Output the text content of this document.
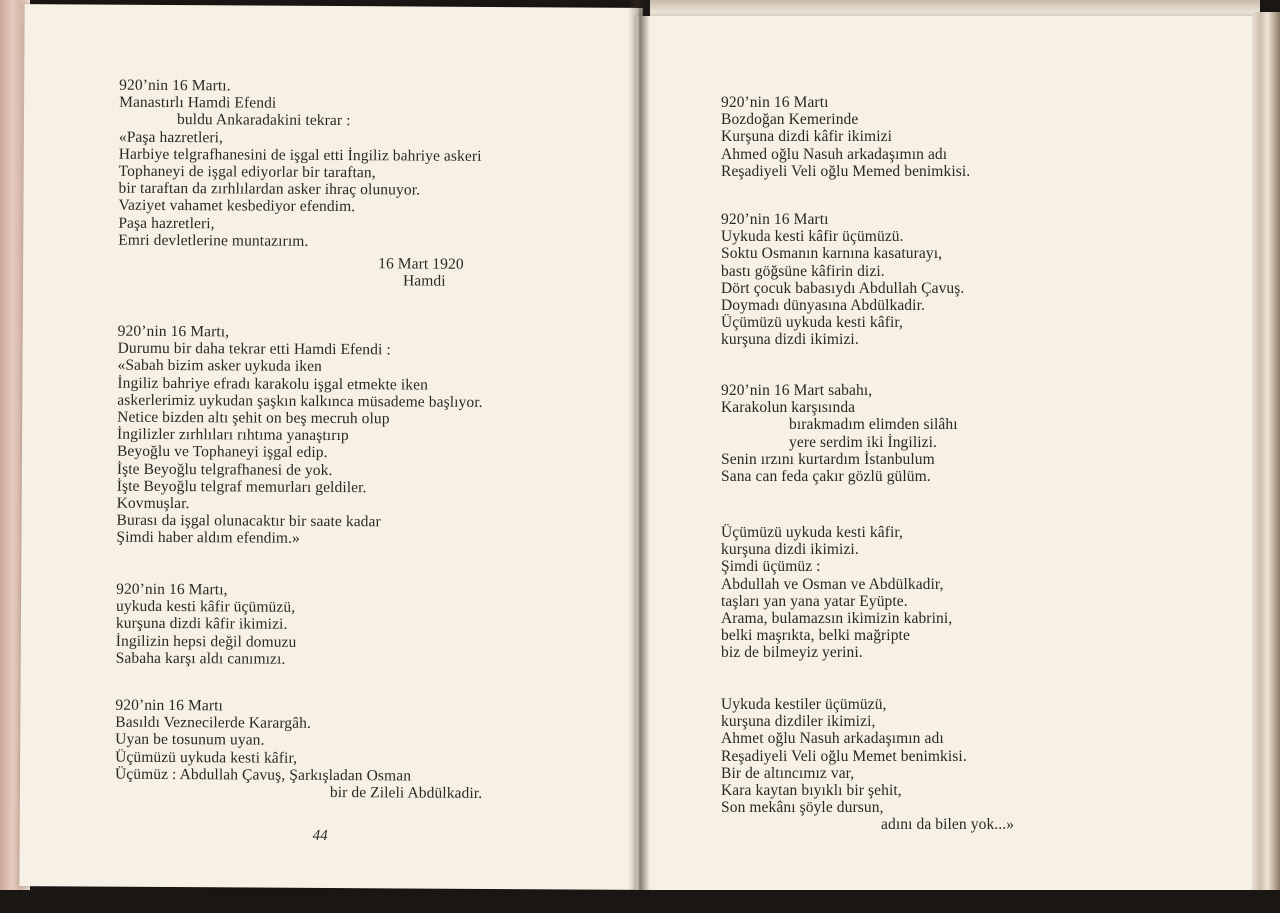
920’nin 16 Martı.
Manastırlı Hamdi Efendi
buldu Ankaradakini tekrar :
«Paşa hazretleri,
Harbiye telgrafhanesini de işgal etti İngiliz bahriye askeri
Tophaneyi de işgal ediyorlar bir taraftan,
bir taraftan da zırhlılardan asker ihraç olunuyor.
Vaziyet vahamet kesbediyor efendim.
Paşa hazretleri,
Emri devletlerine muntazırım.
16 Mart 1920
Hamdi
920’nin 16 Martı,
Durumu bir daha tekrar etti Hamdi Efendi :
«Sabah bizim asker uykuda iken
İngiliz bahriye efradı karakolu işgal etmekte iken
askerlerimiz uykudan şaşkın kalkınca müsademe başlıyor.
Netice bizden altı şehit on beş mecruh olup
İngilizler zırhlıları rıhtıma yanaştırıp
Beyoğlu ve Tophaneyi işgal edip.
İşte Beyoğlu telgrafhanesi de yok.
İşte Beyoğlu telgraf memurları geldiler.
Kovmuşlar.
Burası da işgal olunacaktır bir saate kadar
Şimdi haber aldım efendim.»
920’nin 16 Martı,
uykuda kesti kâfir üçümüzü,
kurşuna dizdi kâfir ikimizi.
İngilizin hepsi değil domuzu
Sabaha karşı aldı canımızı.
920’nin 16 Martı
Basıldı Veznecilerde Karargâh.
Uyan be tosunum uyan.
Üçümüzü uykuda kesti kâfir,
Üçümüz : Abdullah Çavuş, Şarkışladan Osman
bir de Zileli Abdülkadir.
44
920’nin 16 Martı
Bozdoğan Kemerinde
Kurşuna dizdi kâfir ikimizi
Ahmed oğlu Nasuh arkadaşımın adı
Reşadiyeli Veli oğlu Memed benimkisi.
920’nin 16 Martı
Uykuda kesti kâfir üçümüzü.
Soktu Osmanın karnına kasaturayı,
bastı göğsüne kâfirin dizi.
Dört çocuk babasıydı Abdullah Çavuş.
Doymadı dünyasına Abdülkadir.
Üçümüzü uykuda kesti kâfir,
kurşuna dizdi ikimizi.
920’nin 16 Mart sabahı,
Karakolun karşısında
bırakmadım elimden silâhı
yere serdim iki İngilizi.
Senin ırzını kurtardım İstanbulum
Sana can feda çakır gözlü gülüm.
Üçümüzü uykuda kesti kâfir,
kurşuna dizdi ikimizi.
Şimdi üçümüz :
Abdullah ve Osman ve Abdülkadir,
taşları yan yana yatar Eyüpte.
Arama, bulamazsın ikimizin kabrini,
belki maşrıkta, belki mağripte
biz de bilmeyiz yerini.
Uykuda kestiler üçümüzü,
kurşuna dizdiler ikimizi,
Ahmet oğlu Nasuh arkadaşımın adı
Reşadiyeli Veli oğlu Memet benimkisi.
Bir de altıncımız var,
Kara kaytan bıyıklı bir şehit,
Son mekânı şöyle dursun,
adını da bilen yok...»
